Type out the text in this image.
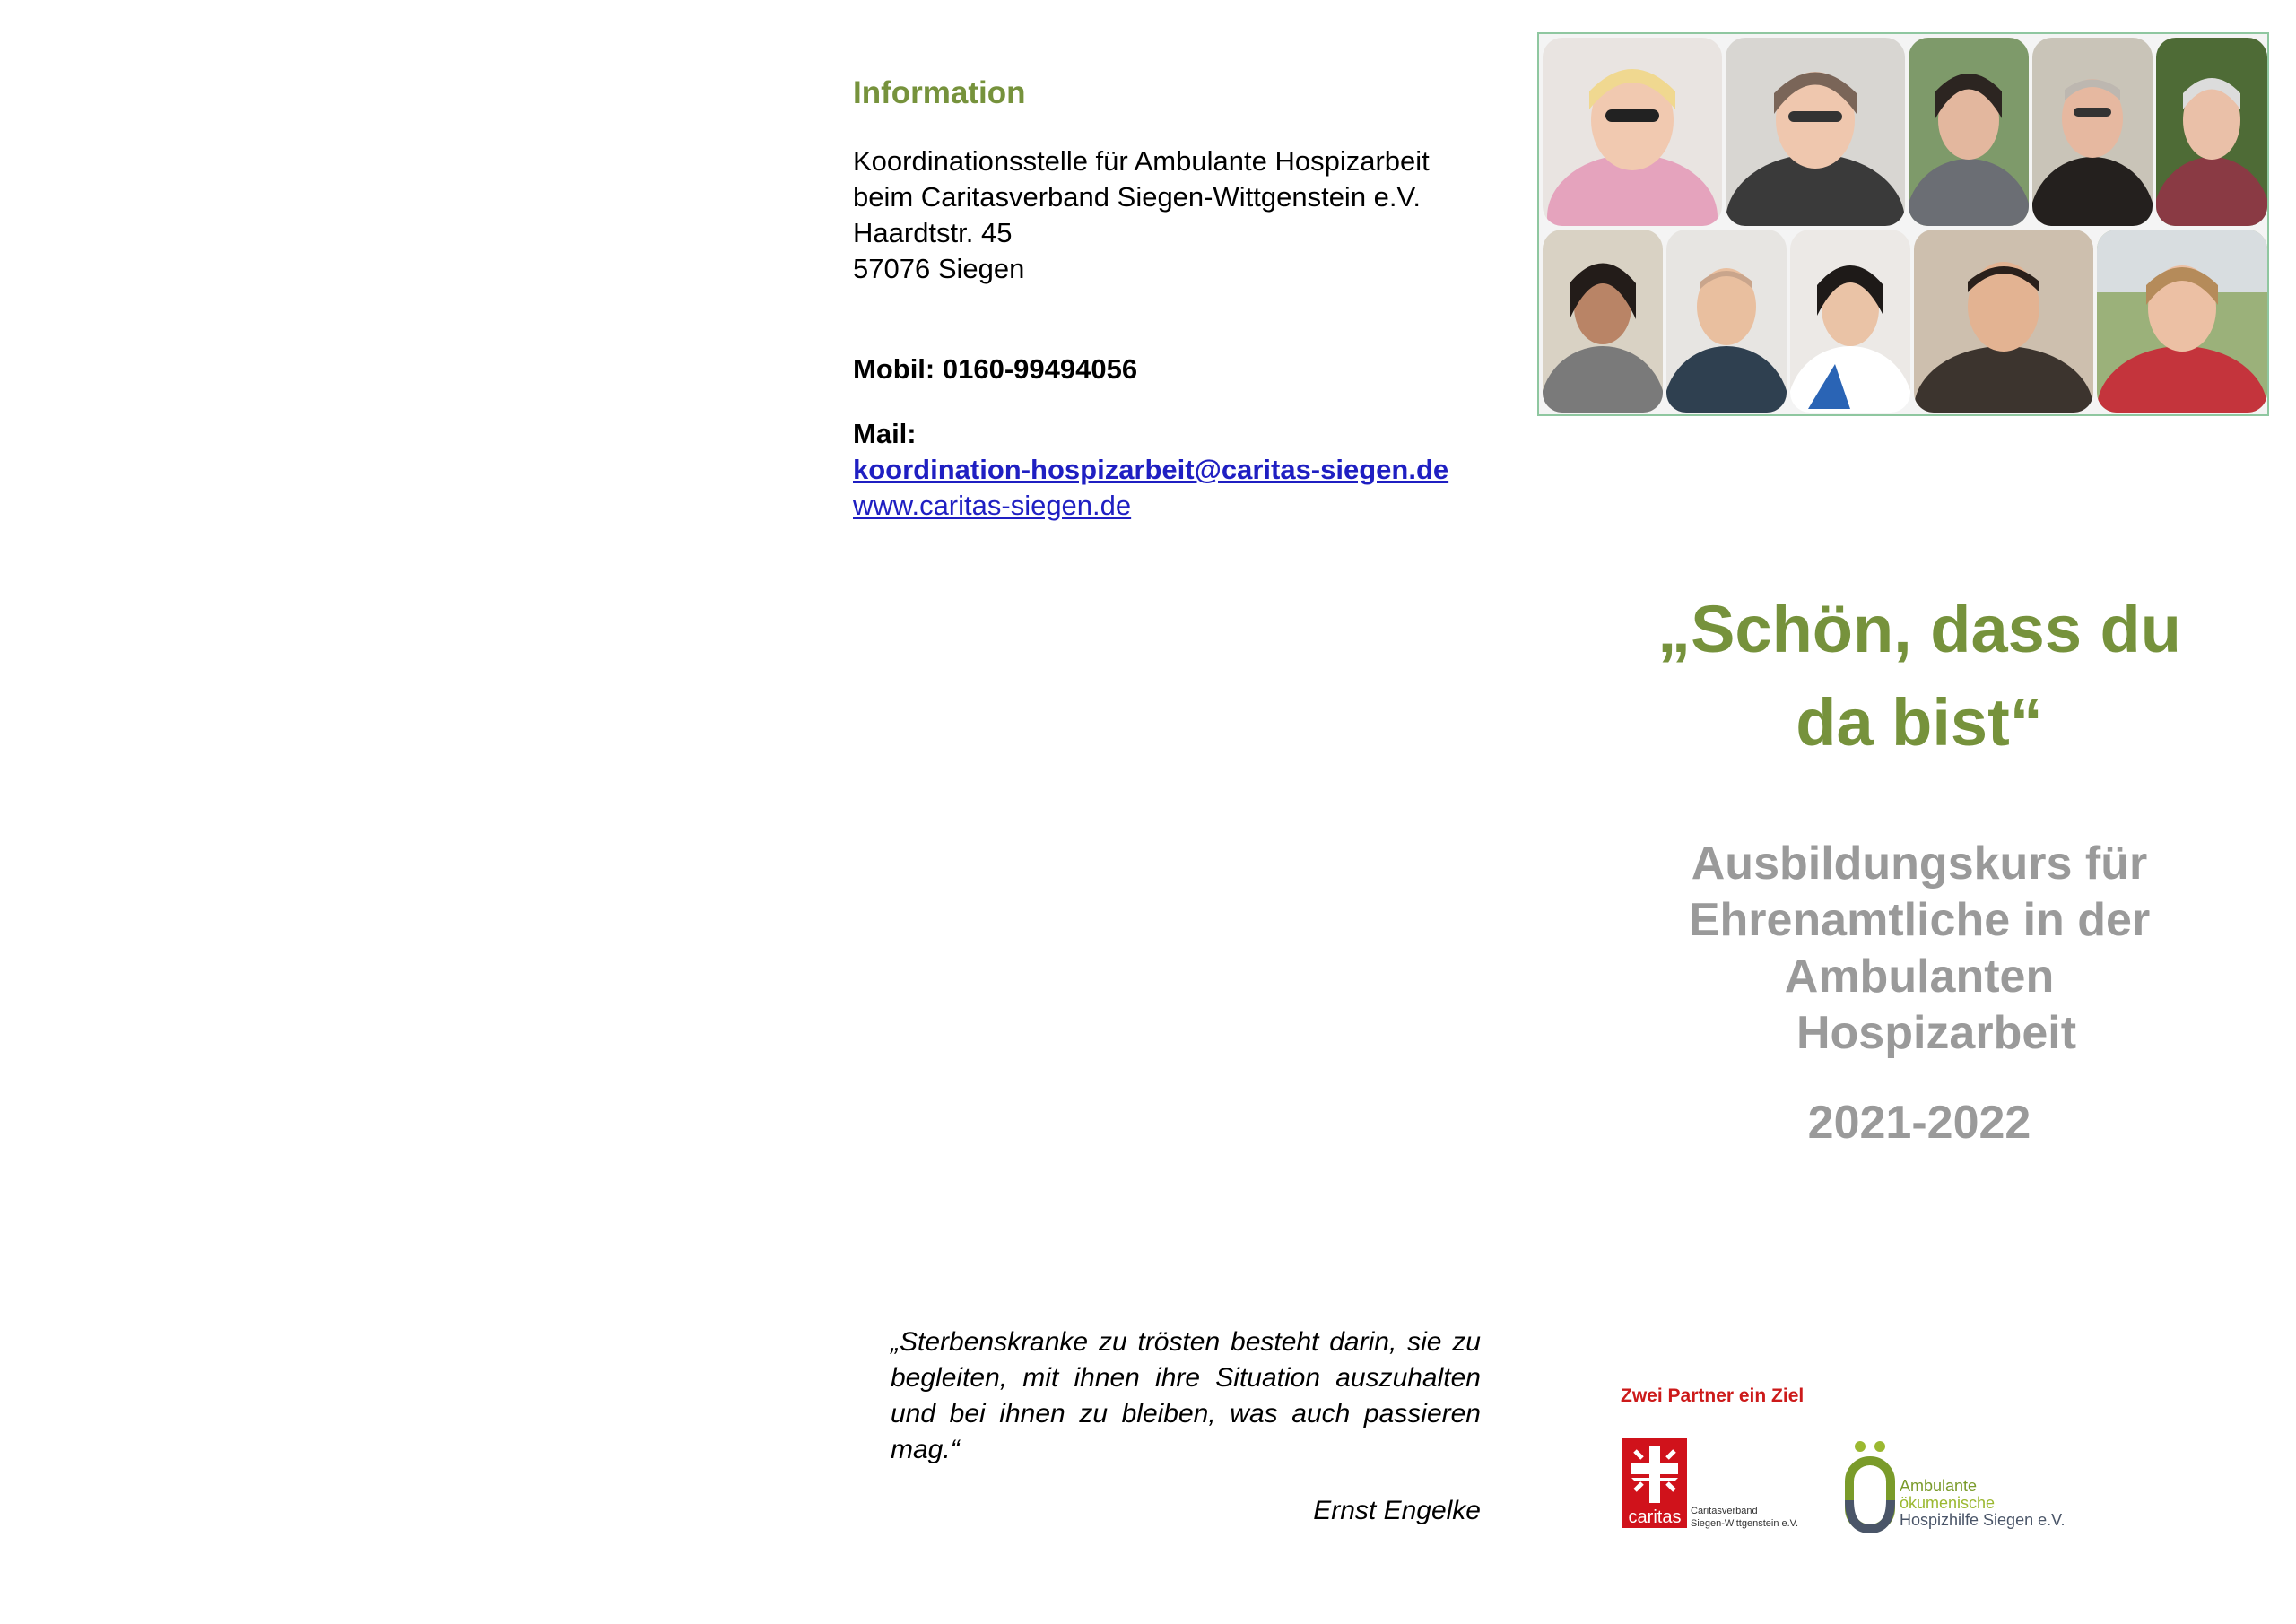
Information
Koordinationsstelle für Ambulante Hospizarbeit
beim Caritasverband Siegen-Wittgenstein e.V.
Haardtstr. 45
57076 Siegen
Mobil: 0160-99494056
Mail:
koordination-hospizarbeit@caritas-siegen.de
www.caritas-siegen.de
„Sterbenskranke zu trösten besteht darin, sie zu begleiten, mit ihnen ihre Situation auszuhalten und bei ihnen zu bleiben, was auch passieren mag.“
Ernst Engelke
„Schön, dass du
da bist“
Ausbildungskurs für
Ehrenamtliche in der
Ambulanten
Hospizarbeit
2021-2022
Zwei Partner ein Ziel
caritas Caritasverband
Siegen-Wittgenstein e.V.
Ambulante
ökumenische
Hospizhilfe Siegen e.V.
